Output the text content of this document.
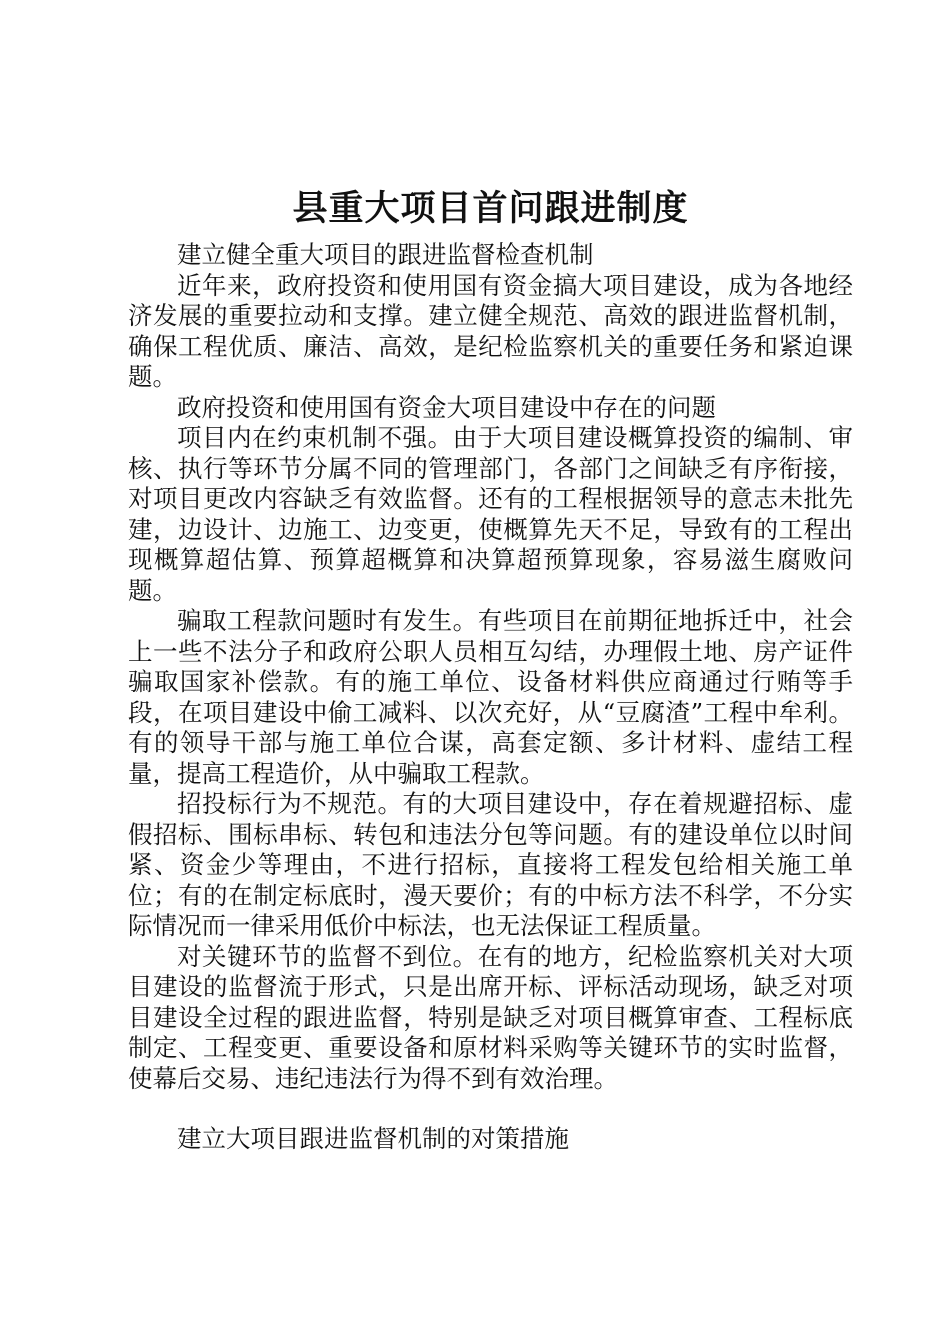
县重大项目首问跟进制度

建立健全重大项目的跟进监督检查机制

近年来，政府投资和使用国有资金搞大项目建设，成为各地经济发展的重要拉动和支撑。建立健全规范、高效的跟进监督机制，确保工程优质、廉洁、高效，是纪检监察机关的重要任务和紧迫课题。

政府投资和使用国有资金大项目建设中存在的问题

项目内在约束机制不强。由于大项目建设概算投资的编制、审核、执行等环节分属不同的管理部门，各部门之间缺乏有序衔接，对项目更改内容缺乏有效监督。还有的工程根据领导的意志未批先建，边设计、边施工、边变更，使概算先天不足，导致有的工程出现概算超估算、预算超概算和决算超预算现象，容易滋生腐败问题。

骗取工程款问题时有发生。有些项目在前期征地拆迁中，社会上一些不法分子和政府公职人员相互勾结，办理假土地、房产证件骗取国家补偿款。有的施工单位、设备材料供应商通过行贿等手段，在项目建设中偷工减料、以次充好，从“豆腐渣”工程中牟利。有的领导干部与施工单位合谋，高套定额、多计材料、虚结工程量，提高工程造价，从中骗取工程款。

招投标行为不规范。有的大项目建设中，存在着规避招标、虚假招标、围标串标、转包和违法分包等问题。有的建设单位以时间紧、资金少等理由，不进行招标，直接将工程发包给相关施工单位；有的在制定标底时，漫天要价；有的中标方法不科学，不分实际情况而一律采用低价中标法，也无法保证工程质量。

对关键环节的监督不到位。在有的地方，纪检监察机关对大项目建设的监督流于形式，只是出席开标、评标活动现场，缺乏对项目建设全过程的跟进监督，特别是缺乏对项目概算审查、工程标底制定、工程变更、重要设备和原材料采购等关键环节的实时监督，使幕后交易、违纪违法行为得不到有效治理。

建立大项目跟进监督机制的对策措施
